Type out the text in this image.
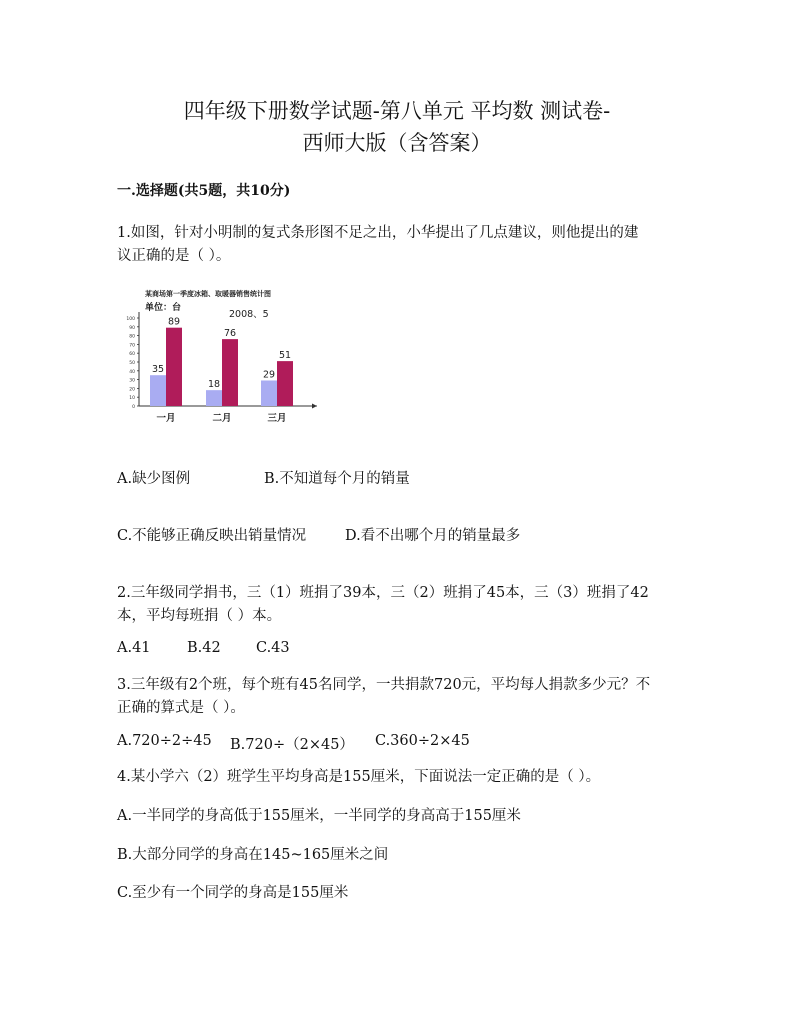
四年级下册数学试题-第八单元 平均数 测试卷-
西师大版（含答案）
一.选择题(共5题，共10分)
1.如图，针对小明制的复式条形图不足之出，小华提出了几点建议，则他提出的建
议正确的是（ ）。
某商场第一季度冰箱、取暖器销售统计图
单位：台
2008、5
0
10
20
30
40
50
60
70
80
90
100
35
89
一月
18
76
二月
29
51
三月
A.缺少图例	B.不知道每个月的销量
C.不能够正确反映出销量情况	D.看不出哪个月的销量最多
2.三年级同学捐书，三（1）班捐了39本，三（2）班捐了45本，三（3）班捐了42
本，平均每班捐（ ）本。
A.41	B.42 C.43
3.三年级有2个班，每个班有45名同学，一共捐款720元，平均每人捐款多少元？不
正确的算式是（ ）。
A.720÷2÷45 B.720÷（2×45） C.360÷2×45
4.某小学六（2）班学生平均身高是155厘米，下面说法一定正确的是（ ）。
A.一半同学的身高低于155厘米，一半同学的身高高于155厘米
B.大部分同学的身高在145~165厘米之间
C.至少有一个同学的身高是155厘米
